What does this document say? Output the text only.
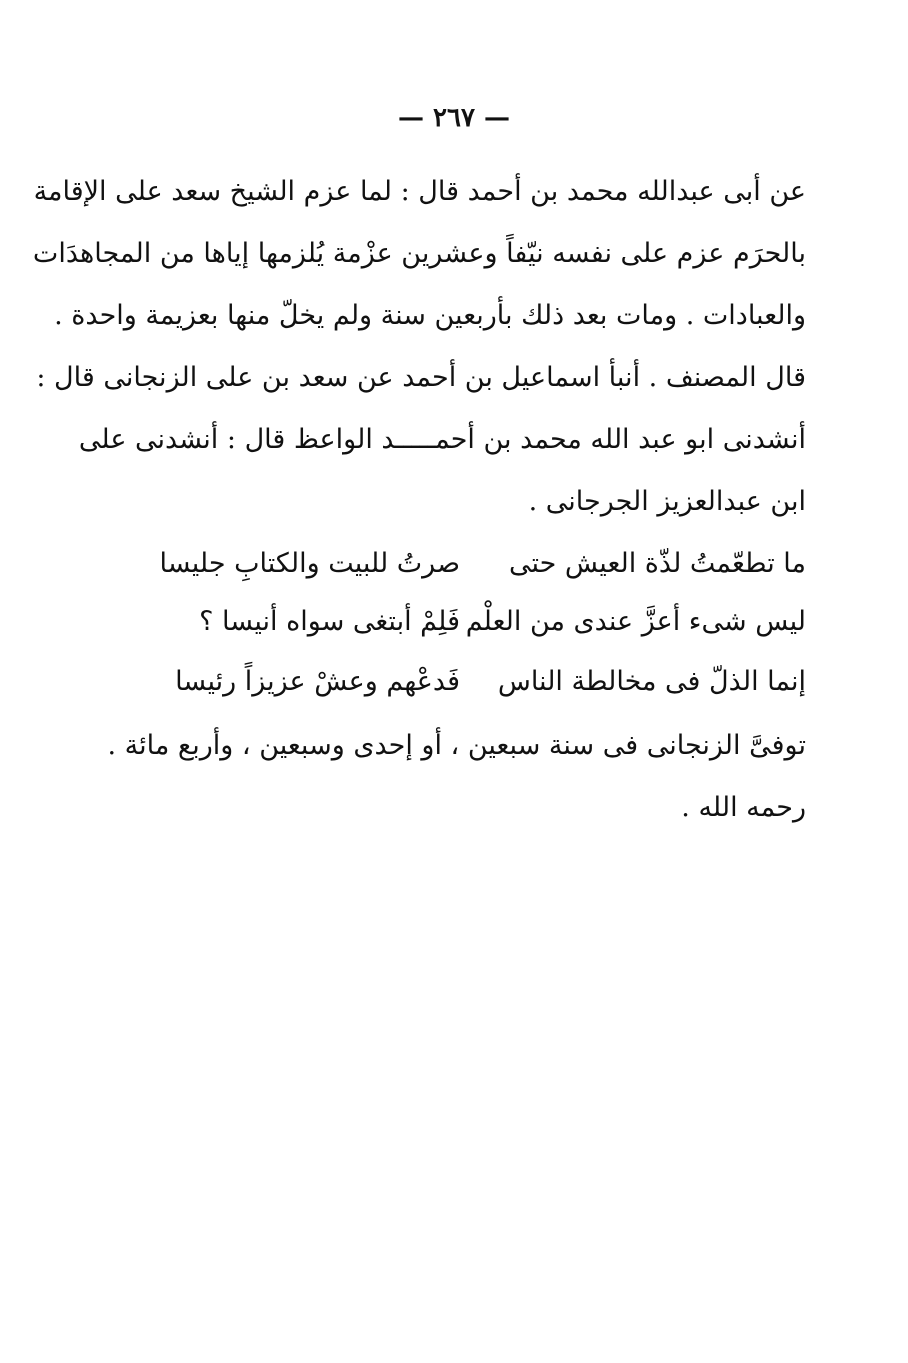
— ٢٦٧ —
عن أبى عبدالله محمد بن أحمد قال : لما عزم الشيخ سعد على الإقامة
بالحرَم عزم على نفسه نيّفاً وعشرين عزْمة يُلزمها إياها من المجاهدَات
والعبادات . ومات بعد ذلك بأربعين سنة ولم يخلّ منها بعزيمة واحدة .
قال المصنف . أنبأ اسماعيل بن أحمد عن سعد بن على الزنجانى قال :
أنشدنى ابو عبد الله محمد بن أحمـــــد الواعظ قال : أنشدنى على
ابن عبدالعزيز الجرجانى .
ما تطعّمتُ لذّة العيش حتى
صرتُ للبيت والكتابِ جليسا
ليس شىء أعزَّ عندى من العلْم
فَلِمْ أبتغى سواه أنيسا ؟
إنما الذلّ فى مخالطة الناس
فَدعْهم وعشْ عزيزاً رئيسا
توفىَّ الزنجانى فى سنة سبعين ، أو إحدى وسبعين ، وأربع مائة .
رحمه الله .
